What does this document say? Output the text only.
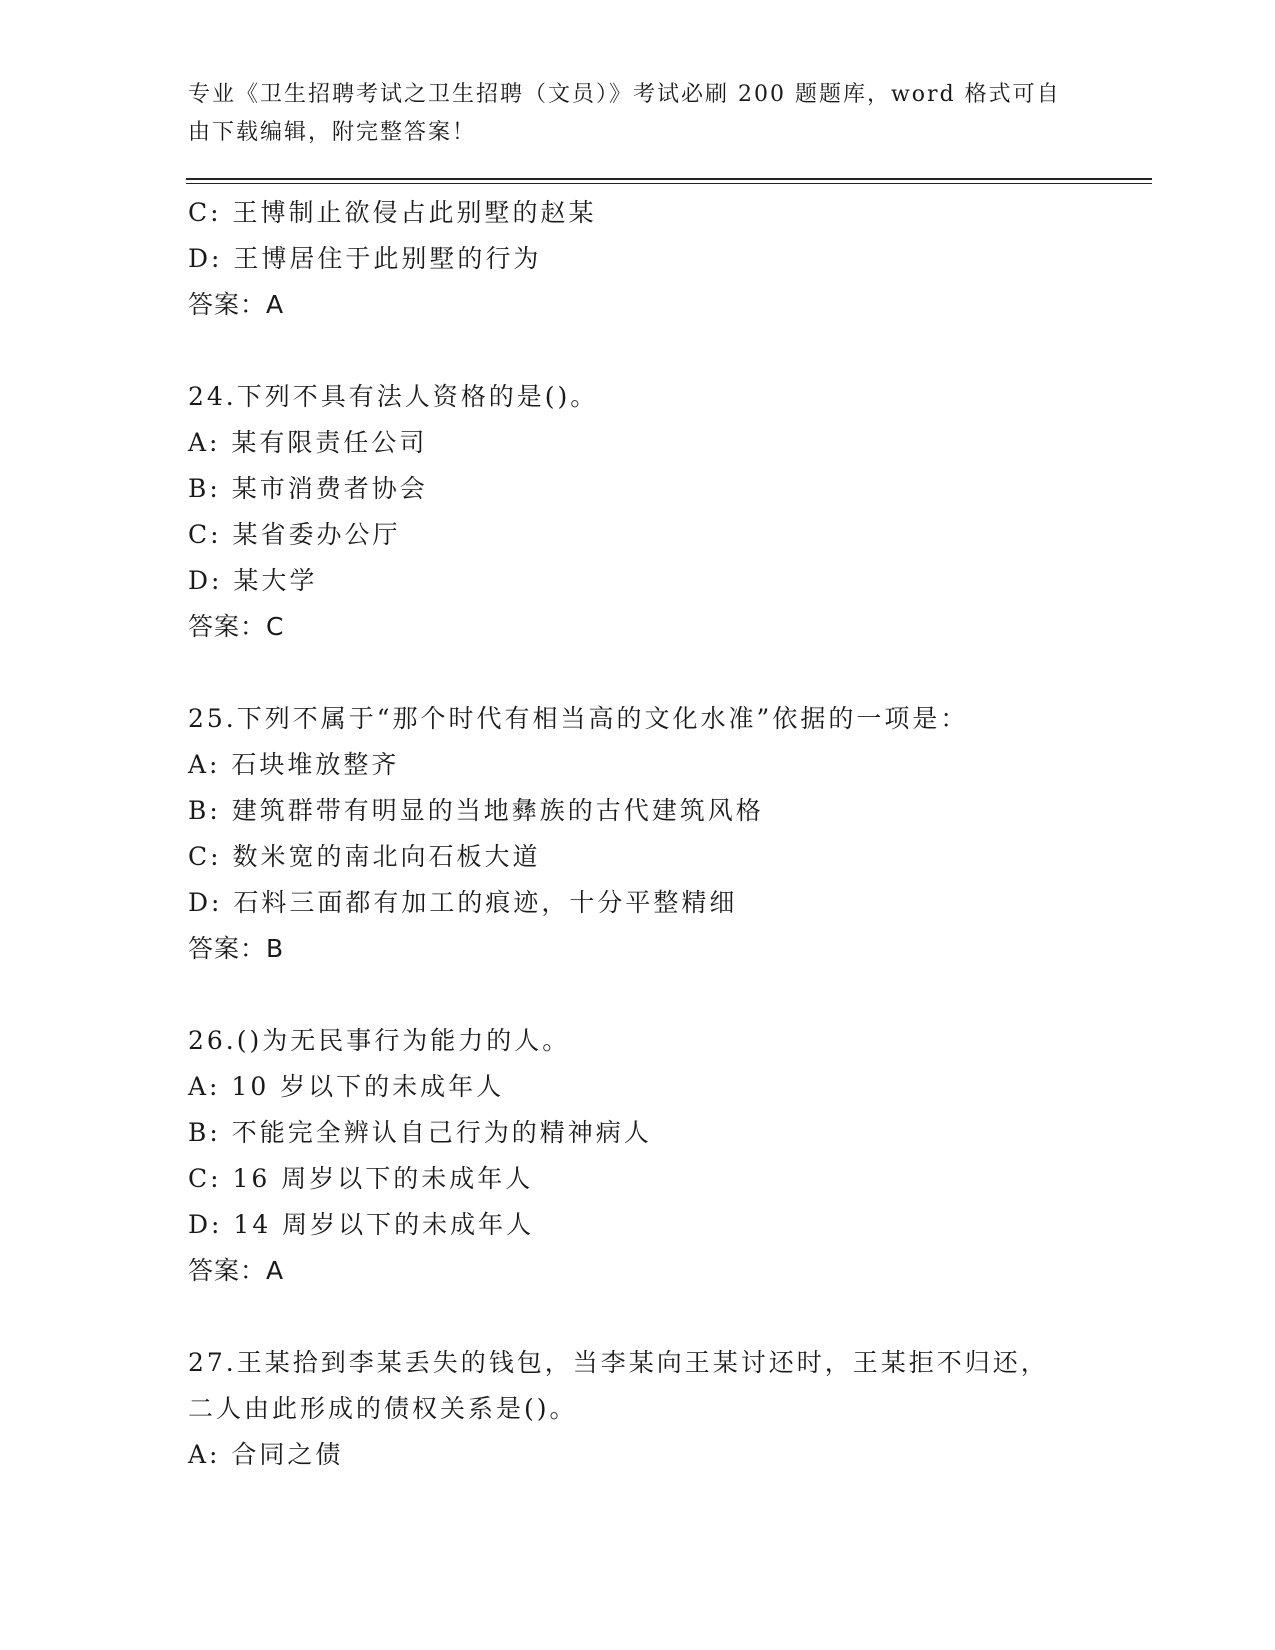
专业《卫生招聘考试之卫生招聘（文员）》考试必刷 200 题题库，word 格式可自
由下载编辑，附完整答案！
C: 王博制止欲侵占此别墅的赵某
D: 王博居住于此别墅的行为
答案：A
24.下列不具有法人资格的是()。
A: 某有限责任公司
B: 某市消费者协会
C: 某省委办公厅
D: 某大学
答案：C
25.下列不属于“那个时代有相当高的文化水准”依据的一项是：
A: 石块堆放整齐
B: 建筑群带有明显的当地彝族的古代建筑风格
C: 数米宽的南北向石板大道
D: 石料三面都有加工的痕迹，十分平整精细
答案：B
26.()为无民事行为能力的人。
A: 10 岁以下的未成年人
B: 不能完全辨认自己行为的精神病人
C: 16 周岁以下的未成年人
D: 14 周岁以下的未成年人
答案：A
27.王某拾到李某丢失的钱包，当李某向王某讨还时，王某拒不归还，
二人由此形成的债权关系是()。
A: 合同之债
